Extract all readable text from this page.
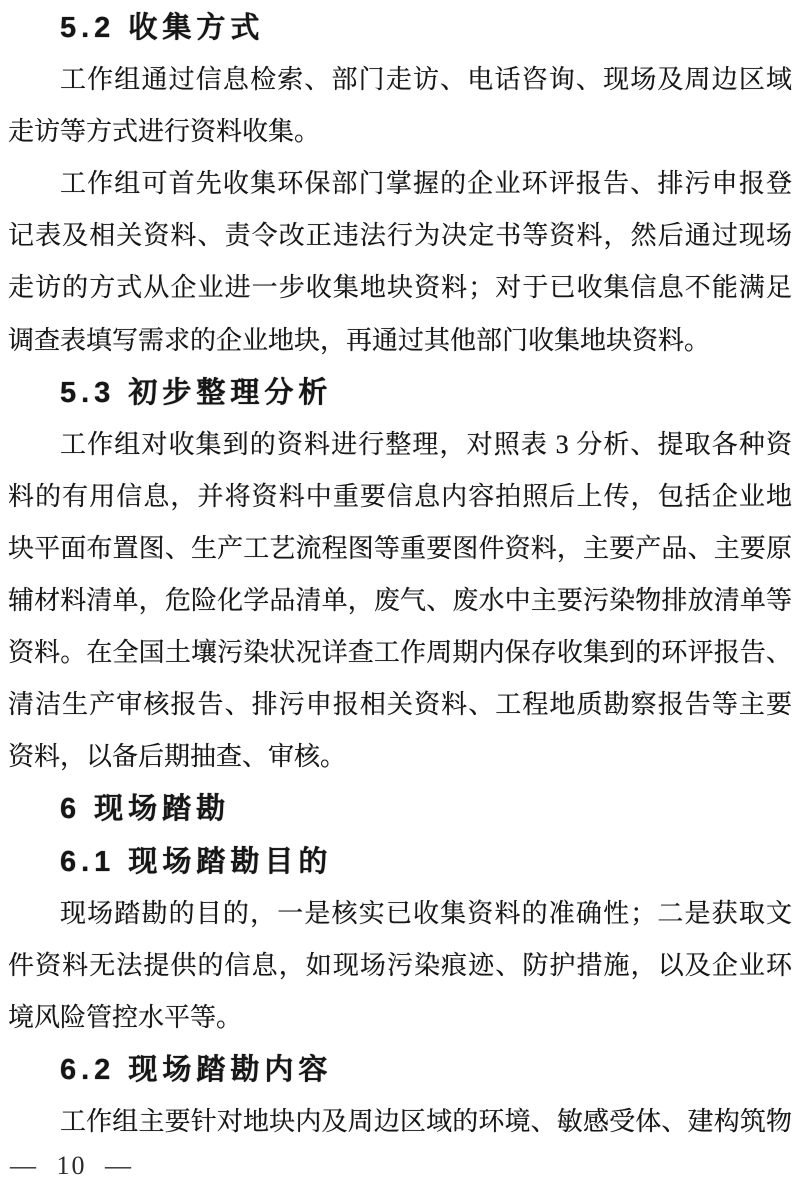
5.2 收集方式
工作组通过信息检索、部门走访、电话咨询、现场及周边区域
走访等方式进行资料收集。
工作组可首先收集环保部门掌握的企业环评报告、排污申报登
记表及相关资料、责令改正违法行为决定书等资料，然后通过现场
走访的方式从企业进一步收集地块资料；对于已收集信息不能满足
调查表填写需求的企业地块，再通过其他部门收集地块资料。
5.3 初步整理分析
工作组对收集到的资料进行整理，对照表 3 分析、提取各种资
料的有用信息，并将资料中重要信息内容拍照后上传，包括企业地
块平面布置图、生产工艺流程图等重要图件资料，主要产品、主要原
辅材料清单，危险化学品清单，废气、废水中主要污染物排放清单等
资料。在全国土壤污染状况详查工作周期内保存收集到的环评报告、
清洁生产审核报告、排污申报相关资料、工程地质勘察报告等主要
资料，以备后期抽查、审核。
6 现场踏勘
6.1 现场踏勘目的
现场踏勘的目的，一是核实已收集资料的准确性；二是获取文
件资料无法提供的信息，如现场污染痕迹、防护措施，以及企业环
境风险管控水平等。
6.2 现场踏勘内容
工作组主要针对地块内及周边区域的环境、敏感受体、建构筑物
— 10 —
